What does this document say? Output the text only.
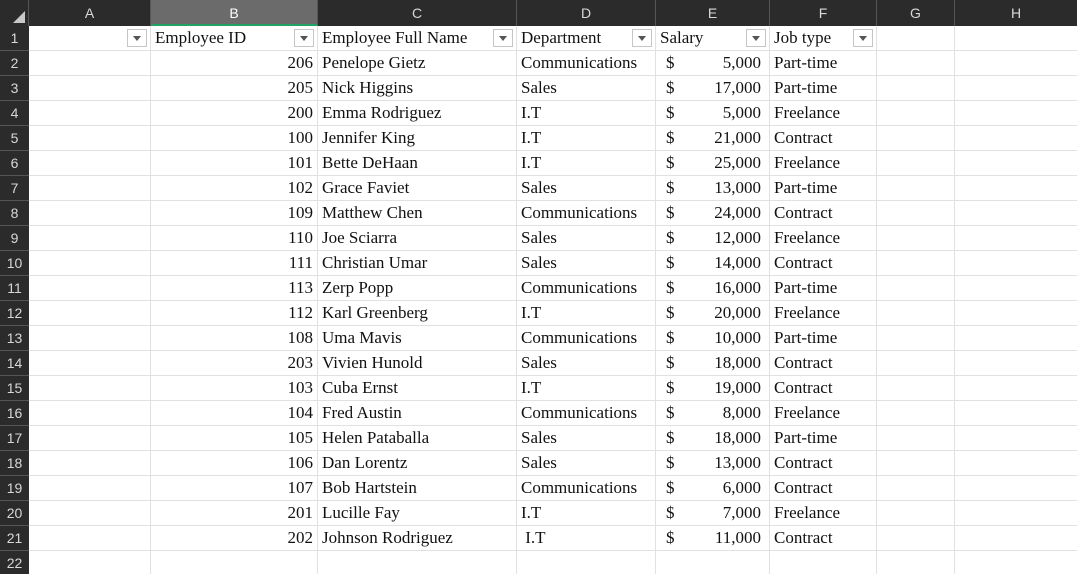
A	B	C	D	E	F	G	H
1
2
3
4
5
6
7
8
9
10
11
12
13
14
15
16
17
18
19
20
21
22
Employee ID	Employee Full Name	Department	Salary	Job type
206 Penelope Gietz	Communications	$	5,000 Part-time
205 Nick Higgins	Sales	$ 17,000 Part-time
200 Emma Rodriguez	I.T	$	5,000 Freelance
100 Jennifer King	I.T	$ 21,000 Contract
101 Bette DeHaan	I.T	$ 25,000 Freelance
102 Grace Faviet	Sales	$ 13,000 Part-time
109 Matthew Chen	Communications	$ 24,000 Contract
110 Joe Sciarra	Sales	$ 12,000 Freelance
111 Christian Umar	Sales	$ 14,000 Contract
113 Zerp Popp	Communications	$ 16,000 Part-time
112 Karl Greenberg	I.T	$ 20,000 Freelance
108 Uma Mavis	Communications	$ 10,000 Part-time
203 Vivien Hunold	Sales	$ 18,000 Contract
103 Cuba Ernst	I.T	$ 19,000 Contract
104 Fred Austin	Communications	$	8,000 Freelance
105 Helen Pataballa	Sales	$ 18,000 Part-time
106 Dan Lorentz	Sales	$ 13,000 Contract
107 Bob Hartstein	Communications	$	6,000 Contract
201 Lucille Fay	I.T	$	7,000 Freelance
202 Johnson Rodriguez	I.T	$ 11,000 Contract
